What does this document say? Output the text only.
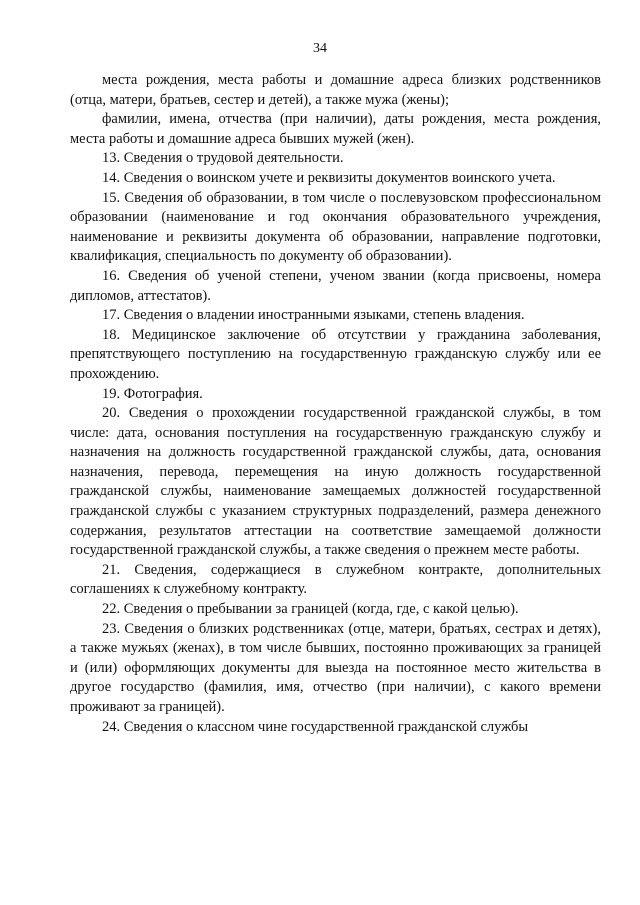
34

места рождения, места работы и домашние адреса близких родственников (отца, матери, братьев, сестер и детей), а также мужа (жены);

фамилии, имена, отчества (при наличии), даты рождения, места рождения, места работы и домашние адреса бывших мужей (жен).

13. Сведения о трудовой деятельности.

14. Сведения о воинском учете и реквизиты документов воинского учета.

15. Сведения об образовании, в том числе о послевузовском профессиональном образовании (наименование и год окончания образовательного учреждения, наименование и реквизиты документа об образовании, направление подготовки, квалификация, специальность по документу об образовании).

16. Сведения об ученой степени, ученом звании (когда присвоены, номера дипломов, аттестатов).

17. Сведения о владении иностранными языками, степень владения.

18. Медицинское заключение об отсутствии у гражданина заболевания, препятствующего поступлению на государственную гражданскую службу или ее прохождению.

19. Фотография.

20. Сведения о прохождении государственной гражданской службы, в том числе: дата, основания поступления на государственную гражданскую службу и назначения на должность государственной гражданской службы, дата, основания назначения, перевода, перемещения на иную должность государственной гражданской службы, наименование замещаемых должностей государственной гражданской службы с указанием структурных подразделений, размера денежного содержания, результатов аттестации на соответствие замещаемой должности государственной гражданской службы, а также сведения о прежнем месте работы.

21. Сведения, содержащиеся в служебном контракте, дополнительных соглашениях к служебному контракту.

22. Сведения о пребывании за границей (когда, где, с какой целью).

23. Сведения о близких родственниках (отце, матери, братьях, сестрах и детях), а также мужьях (женах), в том числе бывших, постоянно проживающих за границей и (или) оформляющих документы для выезда на постоянное место жительства в другое государство (фамилия, имя, отчество (при наличии), с какого времени проживают за границей).

24. Сведения о классном чине государственной гражданской службы
